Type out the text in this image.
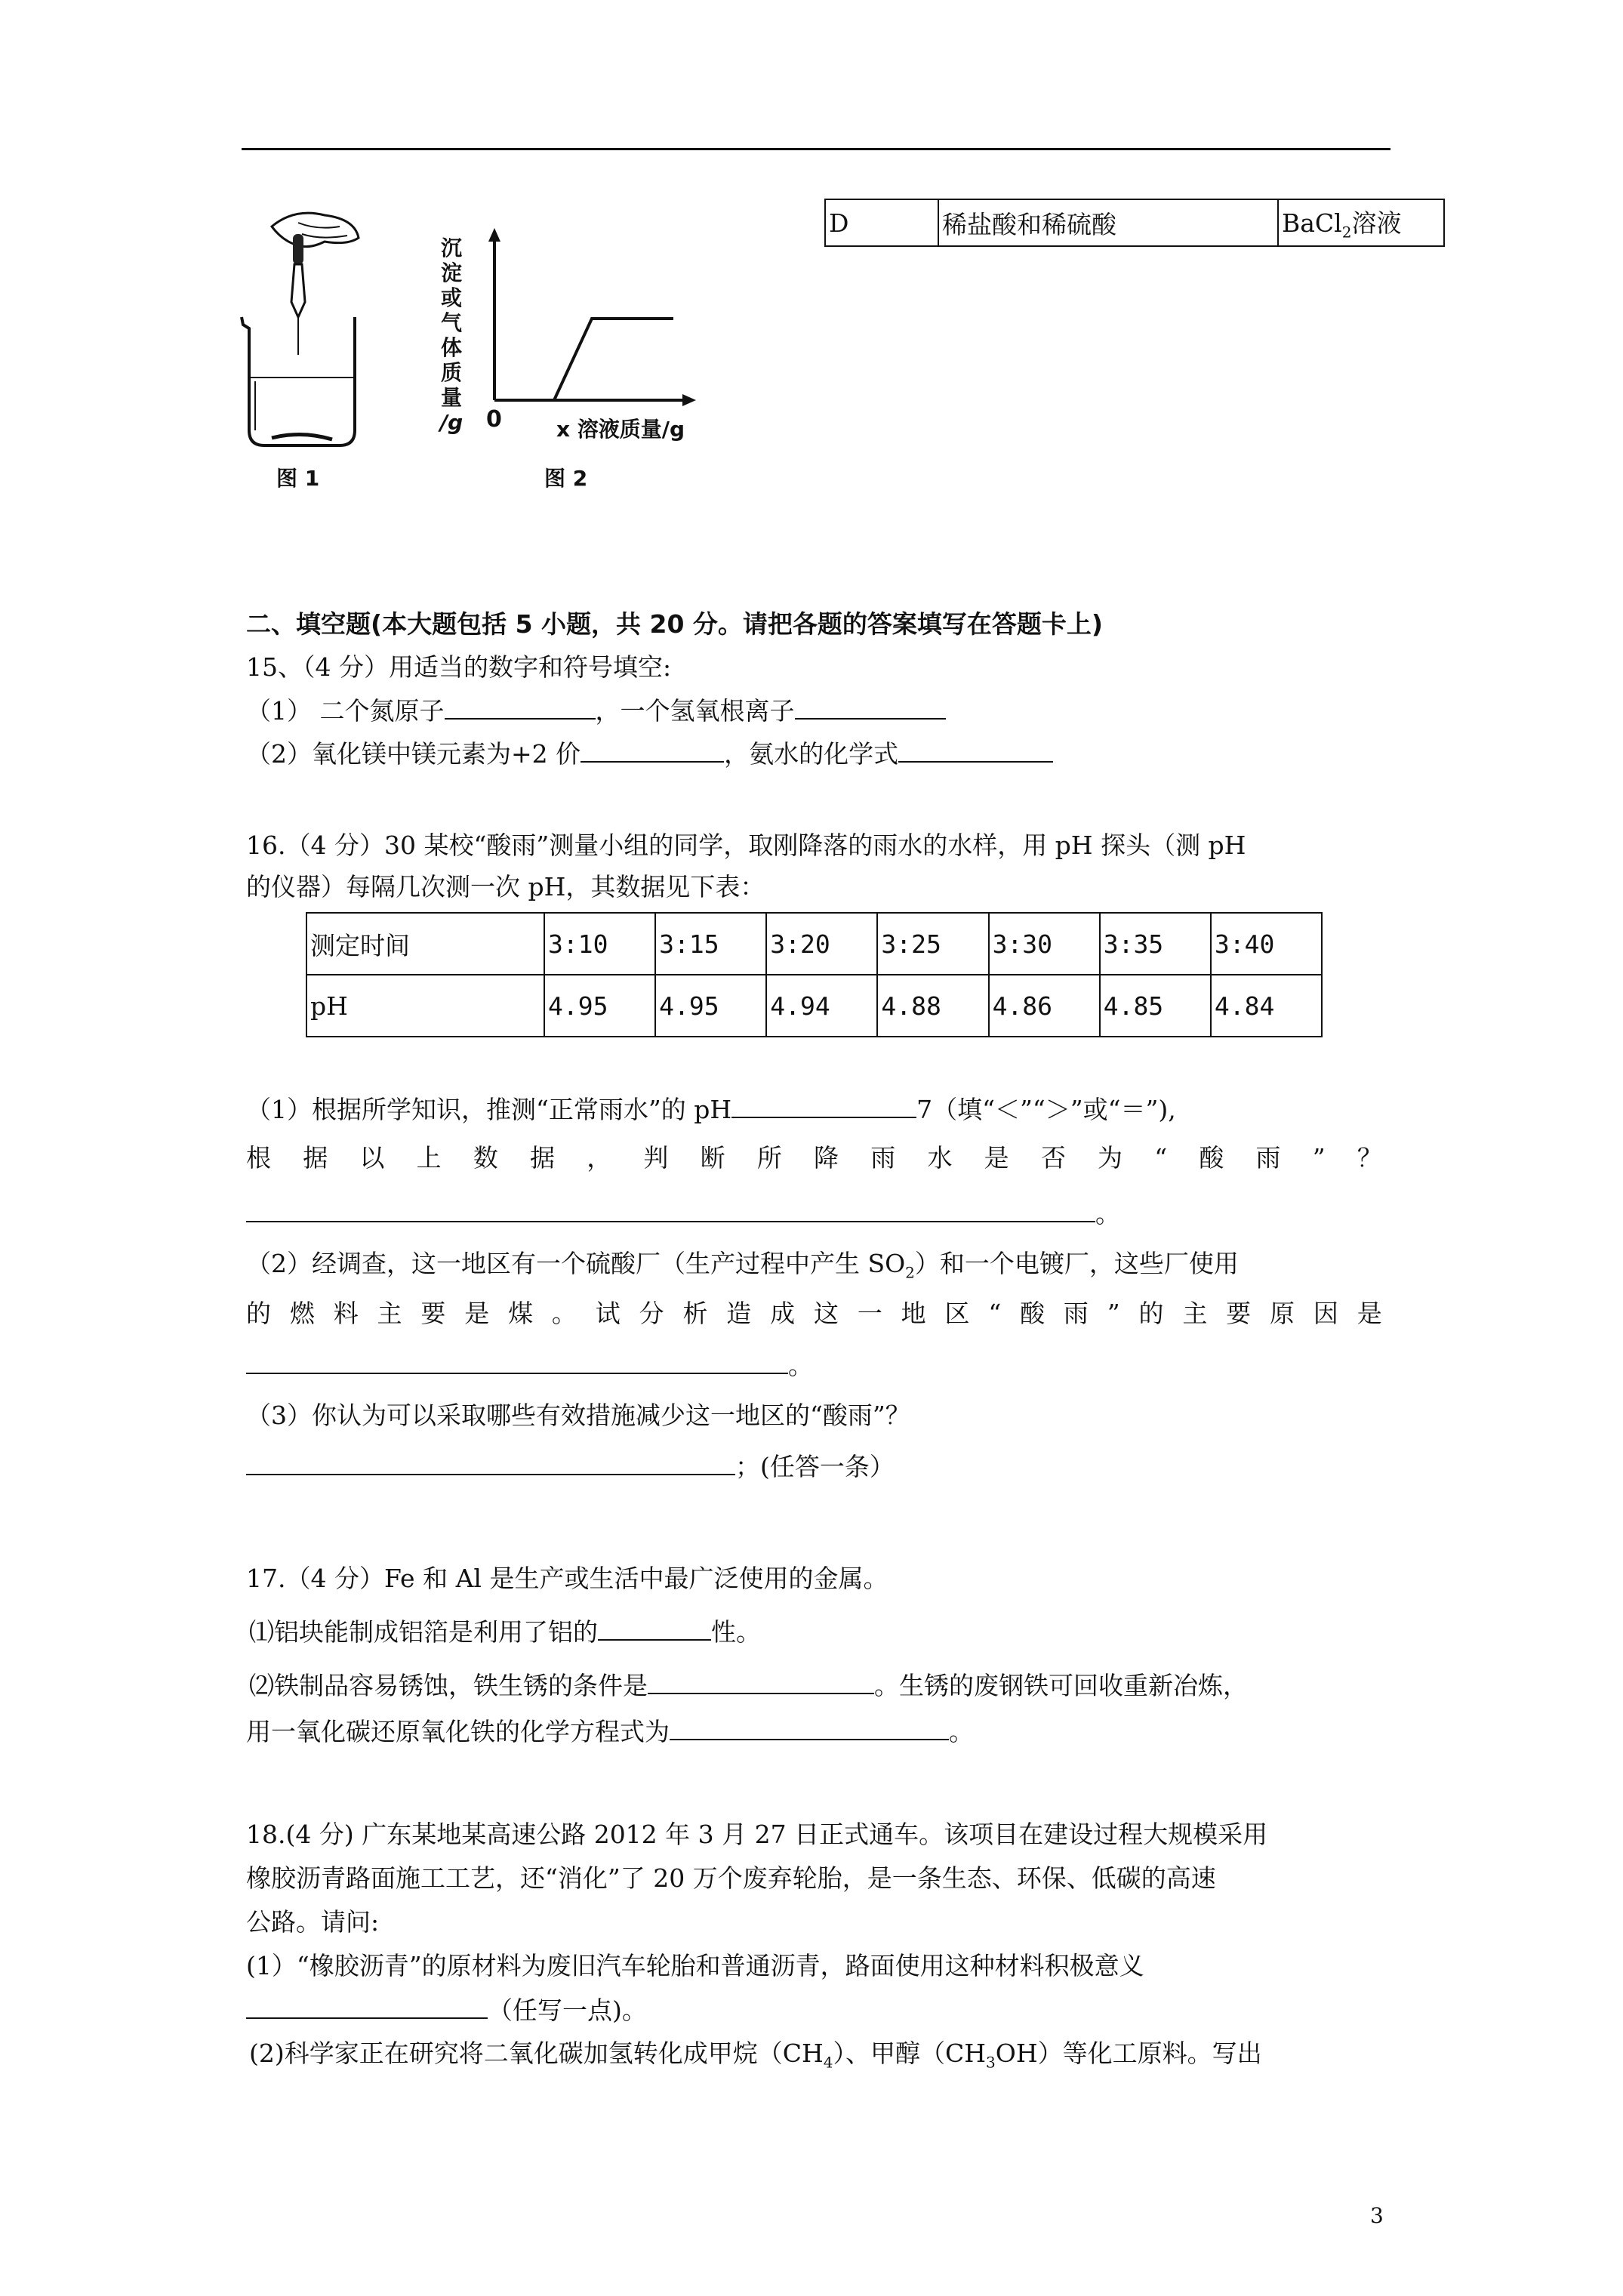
D	稀盐酸和稀硫酸	BaCl$_2$溶液
沉
淀
或
气
体
质
量
/g 0	x 溶液质量/g
图 1	图 2
二、填空题(本大题包括 5 小题，共 20 分。请把各题的答案填写在答题卡上)
15、（4 分）用适当的数字和符号填空:
（1） 二个氮原子	，一个氢氧根离子
（2）氧化镁中镁元素为+2 价	，氨水的化学式
16.（4 分）30 某校“酸雨”测量小组的同学，取刚降落的雨水的水样，用 pH 探头（测 pH
的仪器）每隔几次测一次 pH，其数据见下表：
测定时间	3:10	3:15	3:20	3:25	3:30	3:35	3:40
pH	4.95	4.95	4.94	4.88	4.86	4.85	4.84
（1）根据所学知识，推测“正常雨水”的 pH	7（填“＜”“＞”或“＝”),
根 据 以 上 数 据 ， 判 断 所 降 雨 水 是 否 为 “ 酸 雨 ” ？
。
（2）经调查，这一地区有一个硫酸厂（生产过程中产生 $SO_2$）和一个电镀厂，这些厂使用
的 燃 料 主 要 是 煤 。 试 分 析 造 成 这 一 地 区 “ 酸 雨 ” 的 主 要 原 因 是
。
（3）你认为可以采取哪些有效措施减少这一地区的“酸雨”？
；(任答一条）
17.（4 分）Fe 和 Al 是生产或生活中最广泛使用的金属。
⑴铝块能制成铝箔是利用了铝的	性。
⑵铁制品容易锈蚀，铁生锈的条件是	。生锈的废钢铁可回收重新冶炼，
用一氧化碳还原氧化铁的化学方程式为	。
18.(4 分) 广东某地某高速公路 2012 年 3 月 27 日正式通车。该项目在建设过程大规模采用
橡胶沥青路面施工工艺，还“消化”了 20 万个废弃轮胎，是一条生态、环保、低碳的高速
公路。请问:
(1）“橡胶沥青”的原材料为废旧汽车轮胎和普通沥青，路面使用这种材料积极意义
（任写一点)。
(2)科学家正在研究将二氧化碳加氢转化成甲烷$(CH_4)$、甲醇$(CH_3OH)$等化工原料。写出
3
